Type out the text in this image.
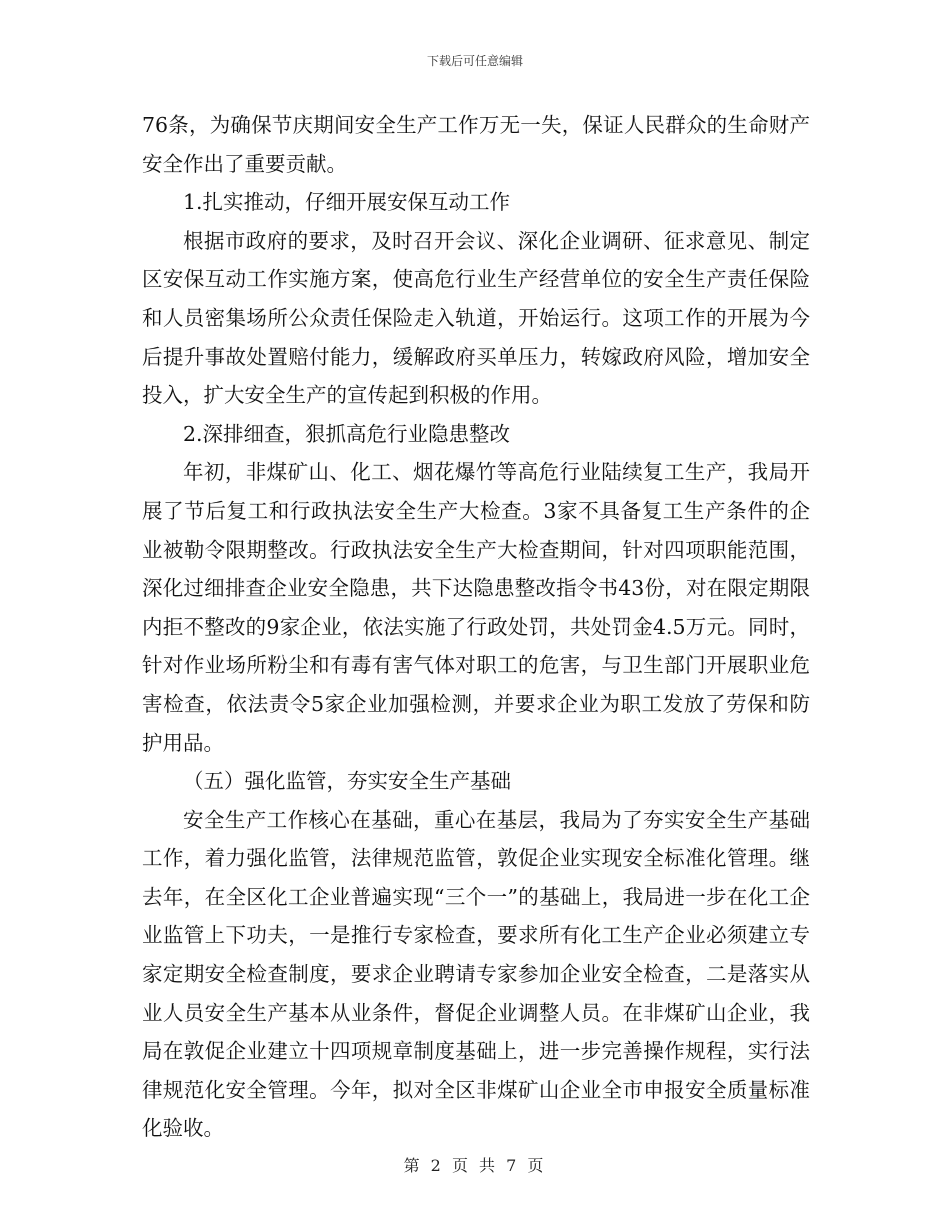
下载后可任意编辑

76条，为确保节庆期间安全生产工作万无一失，保证人民群众的生命财产安全作出了重要贡献。

1.扎实推动，仔细开展安保互动工作

根据市政府的要求，及时召开会议、深化企业调研、征求意见、制定区安保互动工作实施方案，使高危行业生产经营单位的安全生产责任保险和人员密集场所公众责任保险走入轨道，开始运行。这项工作的开展为今后提升事故处置赔付能力，缓解政府买单压力，转嫁政府风险，增加安全投入，扩大安全生产的宣传起到积极的作用。

2.深排细查，狠抓高危行业隐患整改

年初，非煤矿山、化工、烟花爆竹等高危行业陆续复工生产，我局开展了节后复工和行政执法安全生产大检查。3家不具备复工生产条件的企业被勒令限期整改。行政执法安全生产大检查期间，针对四项职能范围，深化过细排查企业安全隐患，共下达隐患整改指令书43份，对在限定期限内拒不整改的9家企业，依法实施了行政处罚，共处罚金4.5万元。同时，针对作业场所粉尘和有毒有害气体对职工的危害，与卫生部门开展职业危害检查，依法责令5家企业加强检测，并要求企业为职工发放了劳保和防护用品。

（五）强化监管，夯实安全生产基础

安全生产工作核心在基础，重心在基层，我局为了夯实安全生产基础工作，着力强化监管，法律规范监管，敦促企业实现安全标准化管理。继去年，在全区化工企业普遍实现“三个一”的基础上，我局进一步在化工企业监管上下功夫，一是推行专家检查，要求所有化工生产企业必须建立专家定期安全检查制度，要求企业聘请专家参加企业安全检查，二是落实从业人员安全生产基本从业条件，督促企业调整人员。在非煤矿山企业，我局在敦促企业建立十四项规章制度基础上，进一步完善操作规程，实行法律规范化安全管理。今年，拟对全区非煤矿山企业全市申报安全质量标准化验收。

第 2 页 共 7 页
